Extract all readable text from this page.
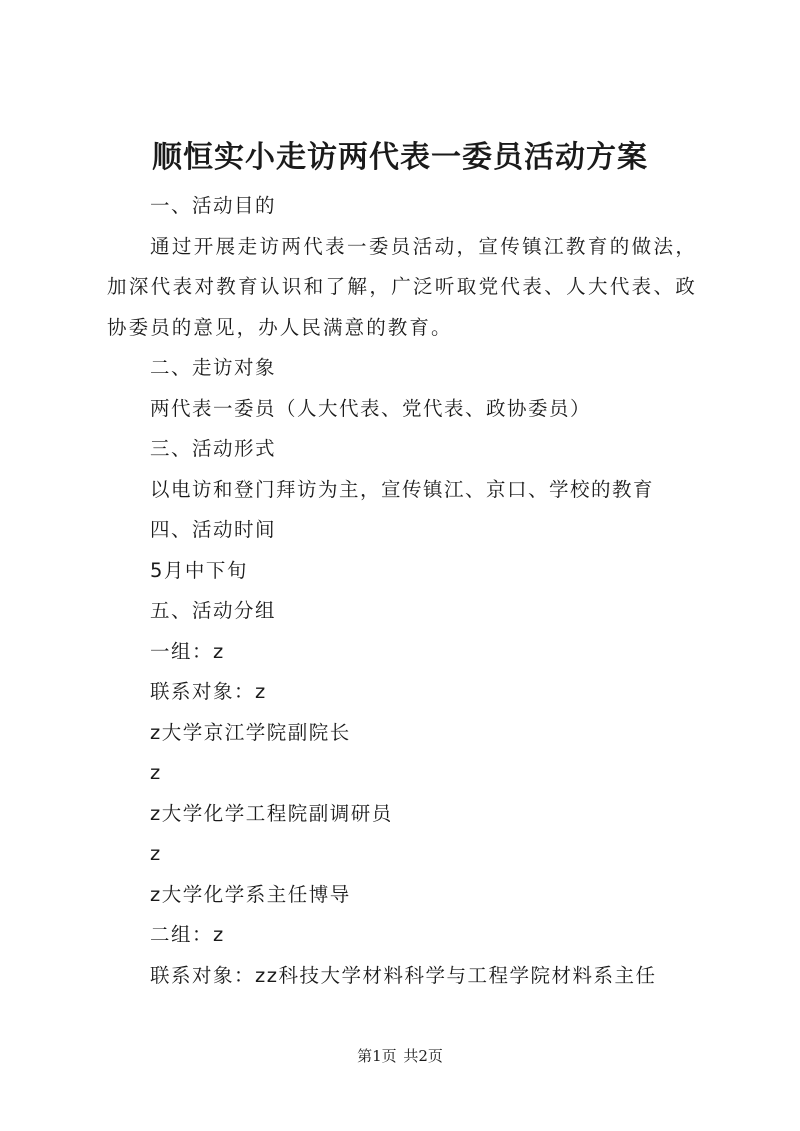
顺恒实小走访两代表一委员活动方案

一、活动目的

通过开展走访两代表一委员活动，宣传镇江教育的做法，加深代表对教育认识和了解，广泛听取党代表、人大代表、政协委员的意见，办人民满意的教育。

二、走访对象

两代表一委员（人大代表、党代表、政协委员）

三、活动形式

以电访和登门拜访为主，宣传镇江、京口、学校的教育

四、活动时间

5月中下旬

五、活动分组

一组：z

联系对象：z

z大学京江学院副院长

z

z大学化学工程院副调研员

z

z大学化学系主任博导

二组：z

联系对象：zz科技大学材料科学与工程学院材料系主任

第1页 共2页
